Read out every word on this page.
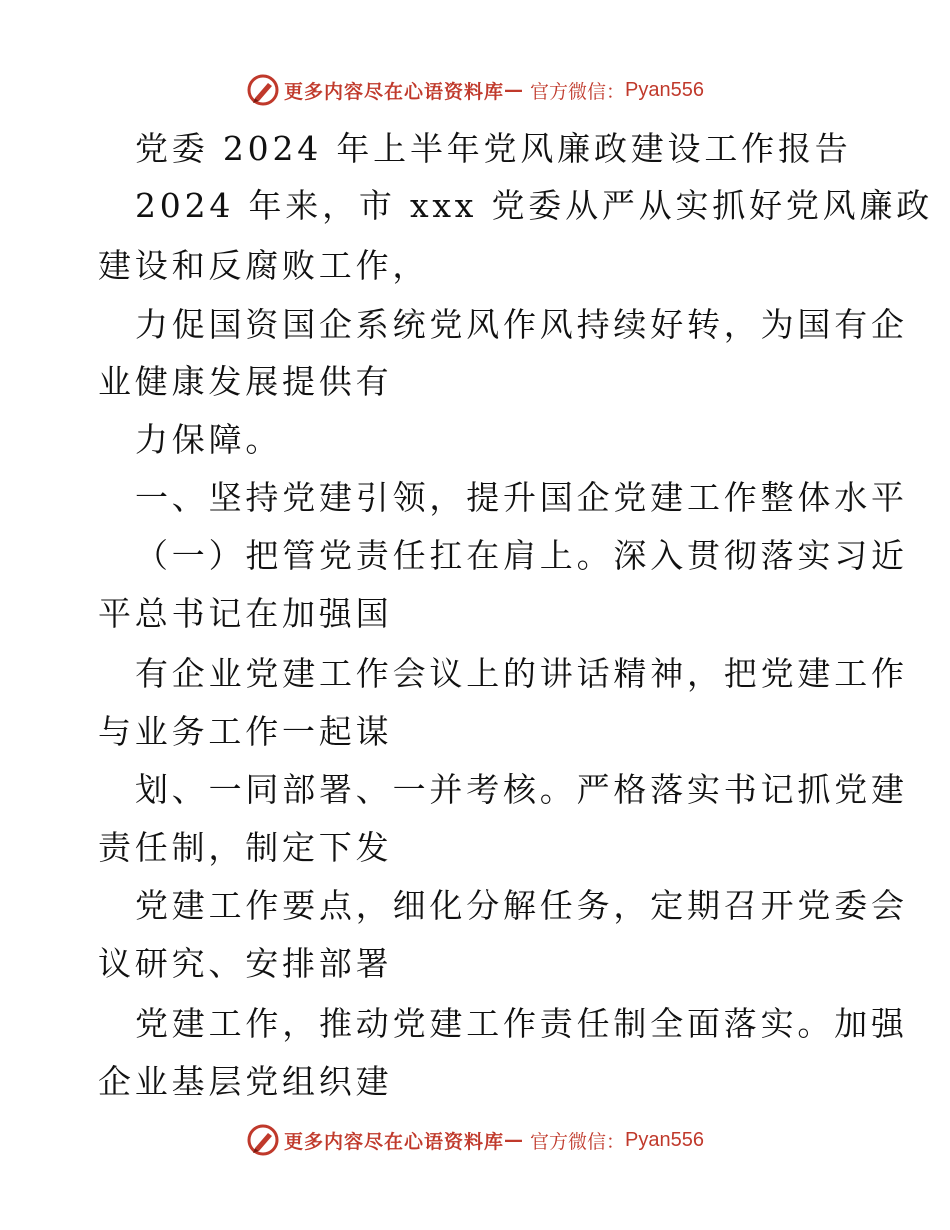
更多内容尽在心语资料库 — 官方微信： Pyan556
党委 2024 年上半年党风廉政建设工作报告
2024 年来，市 xxx 党委从严从实抓好党风廉政
建设和反腐败工作，
力促国资国企系统党风作风持续好转，为国有企
业健康发展提供有
力保障。
一、坚持党建引领，提升国企党建工作整体水平
（一）把管党责任扛在肩上。深入贯彻落实习近
平总书记在加强国
有企业党建工作会议上的讲话精神，把党建工作
与业务工作一起谋
划、一同部署、一并考核。严格落实书记抓党建
责任制，制定下发
党建工作要点，细化分解任务，定期召开党委会
议研究、安排部署
党建工作，推动党建工作责任制全面落实。加强
企业基层党组织建
更多内容尽在心语资料库 — 官方微信： Pyan556
